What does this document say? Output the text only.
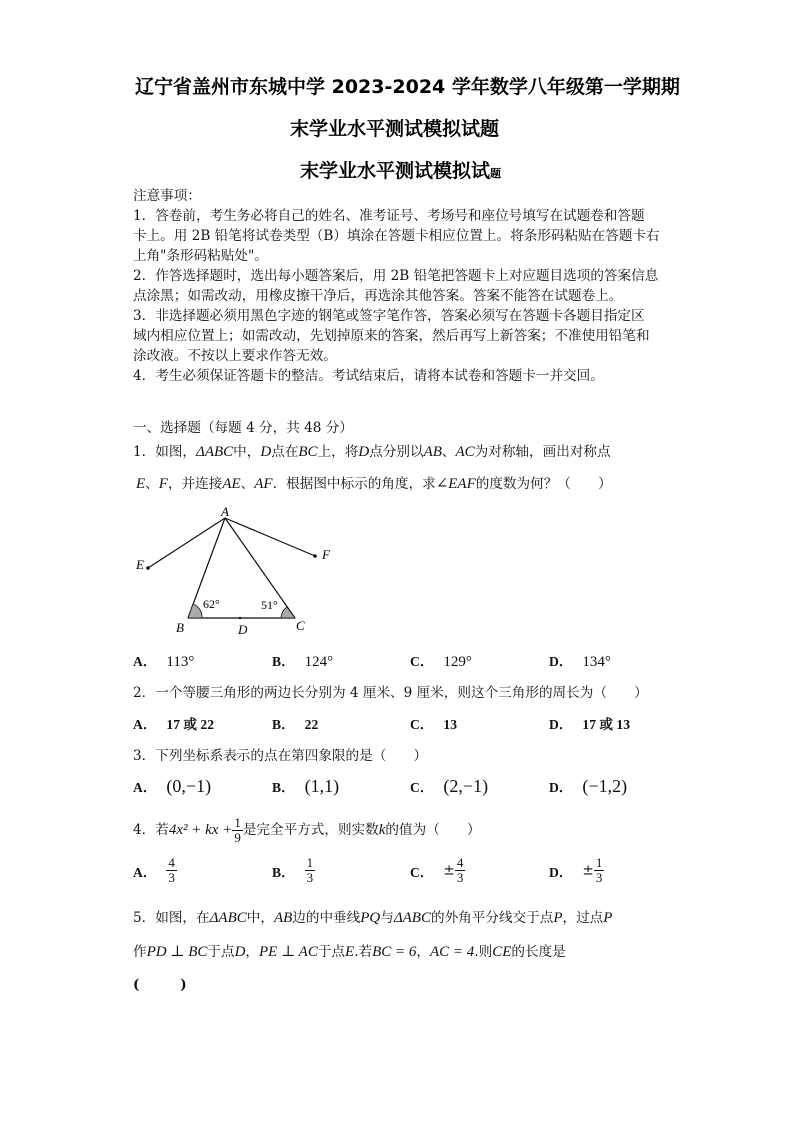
辽宁省盖州市东城中学 2023-2024 学年数学八年级第一学期期
末学业水平测试模拟试题
末学业水平测试模拟试题
注意事项：
1．答卷前，考生务必将自己的姓名、准考证号、考场号和座位号填写在试题卷和答题
卡上。用 2B 铅笔将试卷类型（B）填涂在答题卡相应位置上。将条形码粘贴在答题卡右
上角"条形码粘贴处"。
2．作答选择题时，选出每小题答案后，用 2B 铅笔把答题卡上对应题目选项的答案信息
点涂黑；如需改动，用橡皮擦干净后，再选涂其他答案。答案不能答在试题卷上。
3．非选择题必须用黑色字迹的钢笔或签字笔作答，答案必须写在答题卡各题目指定区
域内相应位置上；如需改动，先划掉原来的答案，然后再写上新答案；不准使用铅笔和
涂改液。不按以上要求作答无效。
4．考生必须保证答题卡的整洁。考试结束后，请将本试卷和答题卡一并交回。
一、选择题（每题 4 分，共 48 分）
1．如图，ΔABC中，D点在BC上，将D点分别以AB、AC为对称轴，画出对称点
E、F，并连接AE、AF．根据图中标示的角度，求∠EAF的度数为何？（　　）
A
E
F
B	D	C
62°	51°
A． 113°	B． 124°	C． 129°	D． 134°
2．一个等腰三角形的两边长分别为 4 厘米、9 厘米，则这个三角形的周长为（　　）
A． 17 或 22	B． 22	C． 13	D． 17 或 13
3．下列坐标系表示的点在第四象限的是（　　）
A． (0,−1)	B． (1,1)	C． (2,−1)	D． (−1,2)
4．若4x² + kx + $\frac{1}{9}$ 是完全平方式，则实数k的值为（　　）
A． $\frac{4}{3}$	B． $\frac{1}{3}$	C． ± $\frac{4}{3}$	D． ± $\frac{1}{3}$
5．如图，在ΔABC中，AB边的中垂线PQ与ΔABC的外角平分线交于点P，过点P
作PD ⊥ BC于点D，PE ⊥ AC于点E.若BC = 6，AC = 4.则CE的长度是
(　　　)
